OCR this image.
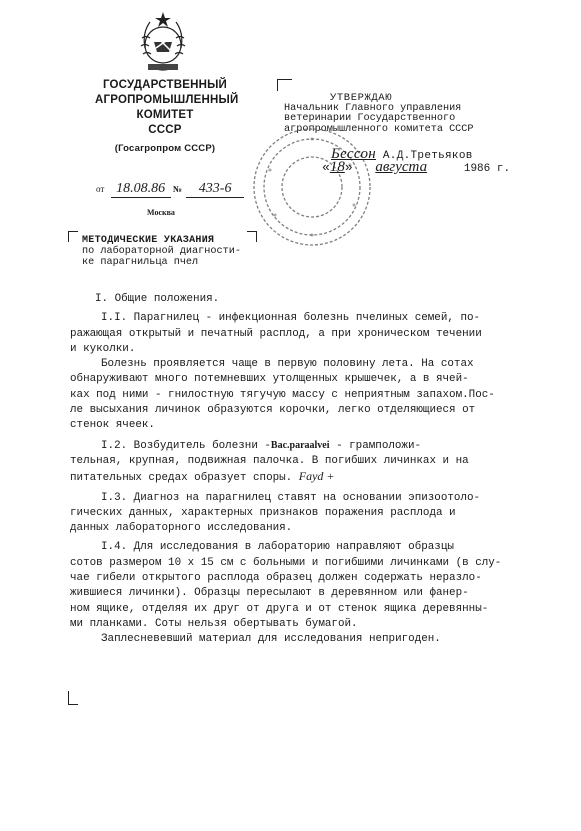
ГОСУДАРСТВЕННЫЙ
АГРОПРОМЫШЛЕННЫЙ КОМИТЕТ
СССР
(Госагропром СССР)
УТВЕРЖДАЮ
Начальник Главного управления
ветеринарии Государственного
агропромышленного комитета СССР
Бессон А.Д.Третьяков
«18» августа	1986 г.
от 18.08.86 № 433-6
Москва
МЕТОДИЧЕСКИЕ УКАЗАНИЯ
по лабораторной диагности-
ке парагнильца пчел

I. Общие положения.

I.I. Парагнилец - инфекционная болезнь пчелиных семей, по-

ражающая открытый и печатный расплод, а при хроническом течении

и куколки.

Болезнь проявляется чаще в первую половину лета. На сотах

обнаруживают много потемневших утолщенных крышечек, а в ячей-

ках под ними - гнилостную тягучую массу с неприятным запахом.Пос-

ле высыхания личинок образуются корочки, легко отделяющиеся от

стенок ячеек.

I.2. Возбудитель болезни -Bac.paraalvei - грамположи-

тельная, крупная, подвижная палочка. В погибших личинках и на

питательных средах образует споры. Fayd +

I.3. Диагноз на парагнилец ставят на основании эпизоотоло-

гических данных, характерных признаков поражения расплода и

данных лабораторного исследования.

I.4. Для исследования в лабораторию направляют образцы

сотов размером 10 х 15 см с больными и погибшими личинками (в слу-

чае гибели открытого расплода образец должен содержать неразло-

жившиеся личинки). Образцы пересылают в деревянном или фанер-

ном ящике, отделяя их друг от друга и от стенок ящика деревянны-

ми планками. Соты нельзя обертывать бумагой.

Заплесневевший материал для исследования непригоден.
